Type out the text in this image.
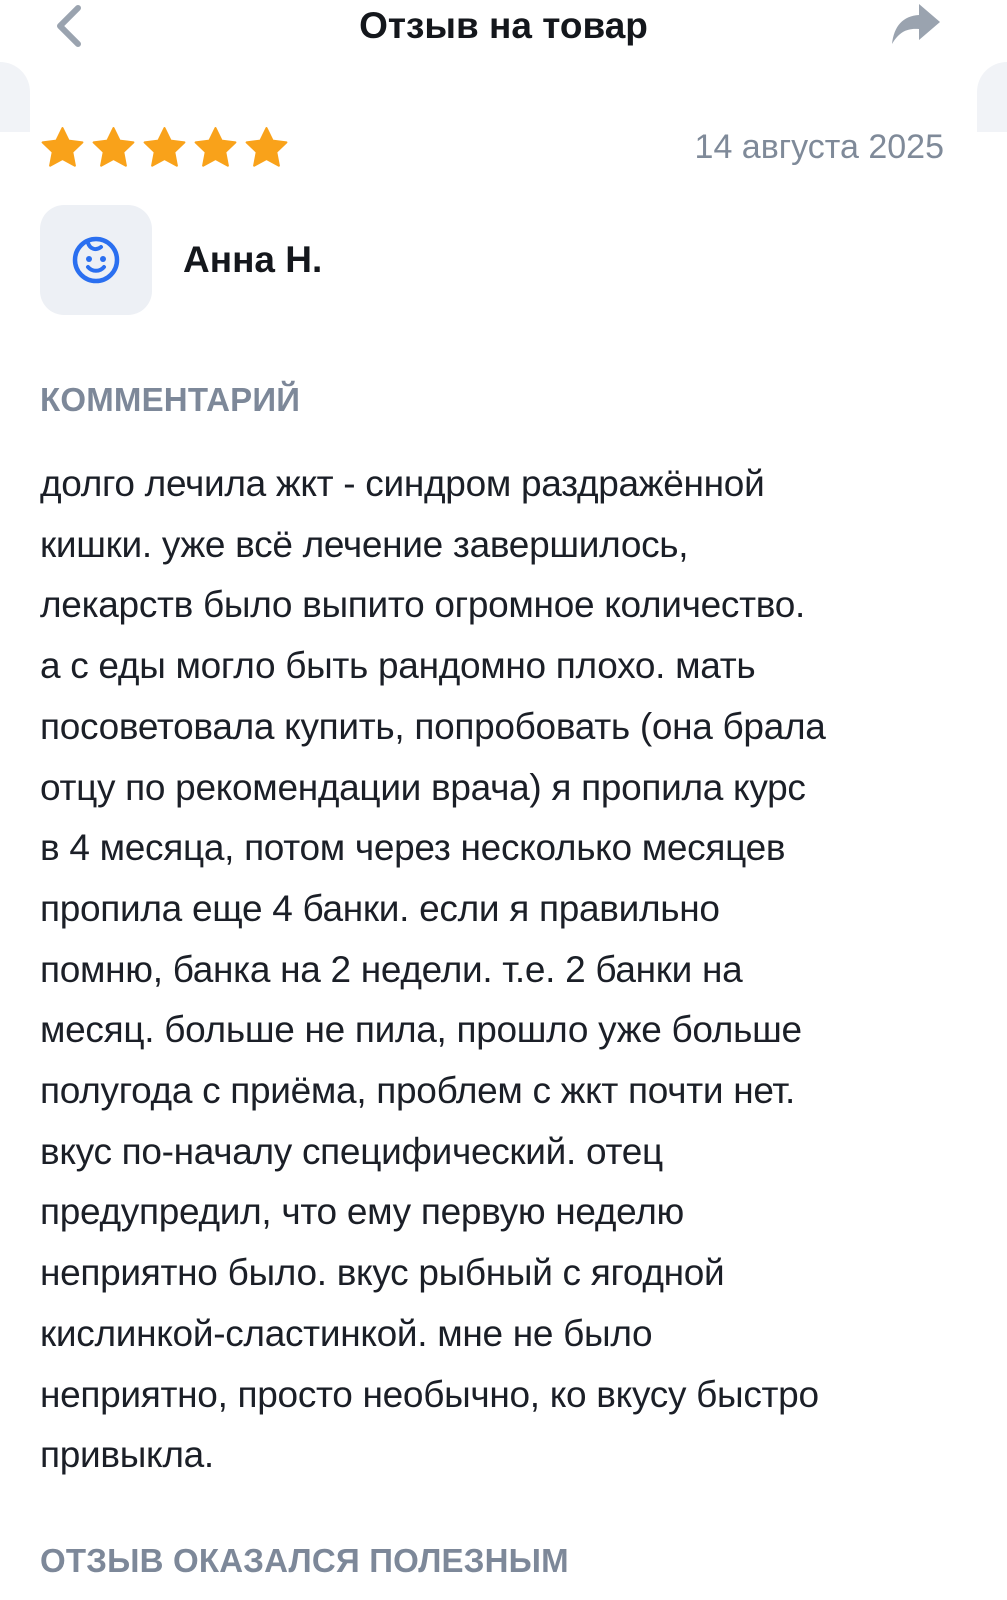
Отзыв на товар
14 августа 2025
Анна Н.
КОММЕНТАРИЙ
долго лечила жкт - синдром раздражённой
кишки. уже всё лечение завершилось,
лекарств было выпито огромное количество.
а с еды могло быть рандомно плохо. мать
посоветовала купить, попробовать (она брала
отцу по рекомендации врача) я пропила курс
в 4 месяца, потом через несколько месяцев
пропила еще 4 банки. если я правильно
помню, банка на 2 недели. т.е. 2 банки на
месяц. больше не пила, прошло уже больше
полугода с приёма, проблем с жкт почти нет.
вкус по-началу специфический. отец
предупредил, что ему первую неделю
неприятно было. вкус рыбный с ягодной
кислинкой-сластинкой. мне не было
неприятно, просто необычно, ко вкусу быстро
привыкла.
ОТЗЫВ ОКАЗАЛСЯ ПОЛЕЗНЫМ
